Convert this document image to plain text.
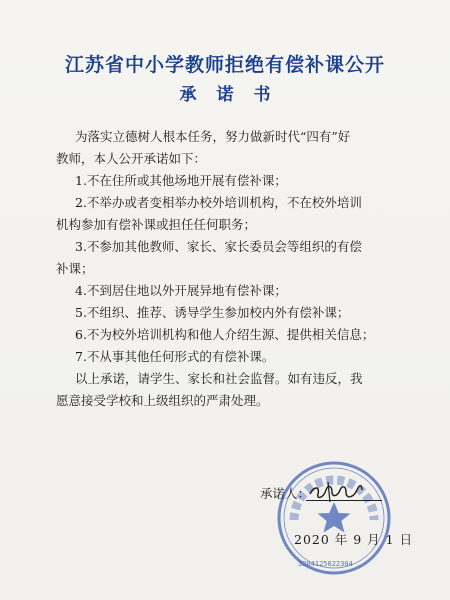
江苏省中小学教师拒绝有偿补课公开
承诺书

为落实立德树人根本任务，努力做新时代“四有”好

教师，本人公开承诺如下：

1.不在住所或其他场地开展有偿补课；

2.不举办或者变相举办校外培训机构，不在校外培训

机构参加有偿补课或担任任何职务；

3.不参加其他教师、家长、家长委员会等组织的有偿

补课；

4.不到居住地以外开展异地有偿补课；

5.不组织、推荐、诱导学生参加校内外有偿补课；

6.不为校外培训机构和他人介绍生源、提供相关信息；

7.不从事其他任何形式的有偿补课。

以上承诺，请学生、家长和社会监督。如有违反，我

愿意接受学校和上级组织的严肃处理。

3204125022304
承诺人：
2020 年 9 月 1 日
